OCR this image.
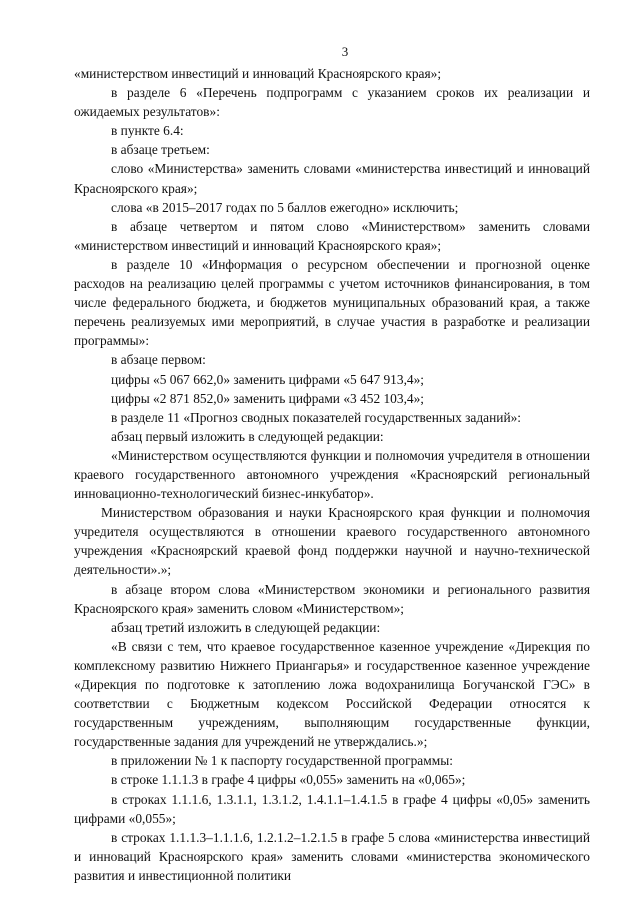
3

«министерством инвестиций и инноваций Красноярского края»;

в разделе 6 «Перечень подпрограмм с указанием сроков их реализации и ожидаемых результатов»:

в пункте 6.4:

в абзаце третьем:

слово «Министерства» заменить словами «министерства инвестиций и инноваций Красноярского края»;

слова «в 2015–2017 годах по 5 баллов ежегодно» исключить;

в абзаце четвертом и пятом слово «Министерством» заменить словами «министерством инвестиций и инноваций Красноярского края»;

в разделе 10 «Информация о ресурсном обеспечении и прогнозной оценке расходов на реализацию целей программы с учетом источников финансирования, в том числе федерального бюджета, и бюджетов муниципальных образований края, а также перечень реализуемых ими мероприятий, в случае участия в разработке и реализации программы»:

в абзаце первом:

цифры «5 067 662,0» заменить цифрами «5 647 913,4»;

цифры «2 871 852,0» заменить цифрами «3 452 103,4»;

в разделе 11 «Прогноз сводных показателей государственных заданий»:

абзац первый изложить в следующей редакции:

«Министерством осуществляются функции и полномочия учредителя в отношении краевого государственного автономного учреждения «Красноярский региональный инновационно-технологический бизнес-инкубатор».

Министерством образования и науки Красноярского края функции и полномочия учредителя осуществляются в отношении краевого государственного автономного учреждения «Красноярский краевой фонд поддержки научной и научно-технической деятельности».»;

в абзаце втором слова «Министерством экономики и регионального развития Красноярского края» заменить словом «Министерством»;

абзац третий изложить в следующей редакции:

«В связи с тем, что краевое государственное казенное учреждение «Дирекция по комплексному развитию Нижнего Приангарья» и государственное казенное учреждение «Дирекция по подготовке к затоплению ложа водохранилища Богучанской ГЭС» в соответствии с Бюджетным кодексом Российской Федерации относятся к государственным учреждениям, выполняющим государственные функции, государственные задания для учреждений не утверждались.»;

в приложении № 1 к паспорту государственной программы:

в строке 1.1.1.3 в графе 4 цифры «0,055» заменить на «0,065»;

в строках 1.1.1.6, 1.3.1.1, 1.3.1.2, 1.4.1.1–1.4.1.5 в графе 4 цифры «0,05» заменить цифрами «0,055»;

в строках 1.1.1.3–1.1.1.6, 1.2.1.2–1.2.1.5 в графе 5 слова «министерства инвестиций и инноваций Красноярского края» заменить словами «министерства экономического развития и инвестиционной политики
